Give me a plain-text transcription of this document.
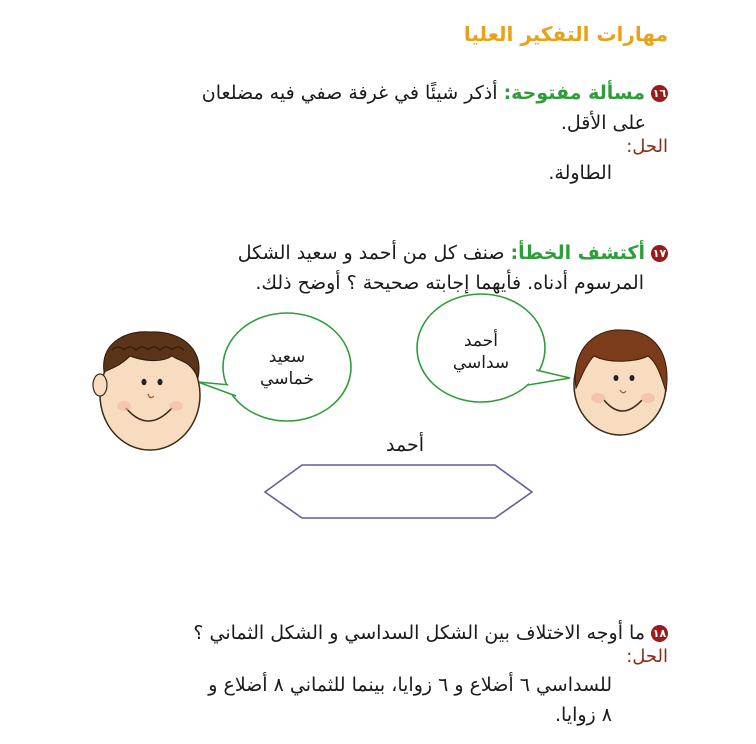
مهارات التفكير العليا
١٦مسألة مفتوحة: أذكر شيئًا في غرفة صفي فيه مضلعان
على الأقل.
الحل:
الطاولة.
١٧أكتشف الخطأ: صنف كل من أحمد و سعيد الشكل
المرسوم أدناه. فأيهما إجابته صحيحة ؟ أوضح ذلك.
سعيد
خماسي
أحمد
سداسي
أحمد
١٨ما أوجه الاختلاف بين الشكل السداسي و الشكل الثماني ؟
الحل:
للسداسي ٦ أضلاع و ٦ زوايا، بينما للثماني ٨ أضلاع و
٨ زوايا.
